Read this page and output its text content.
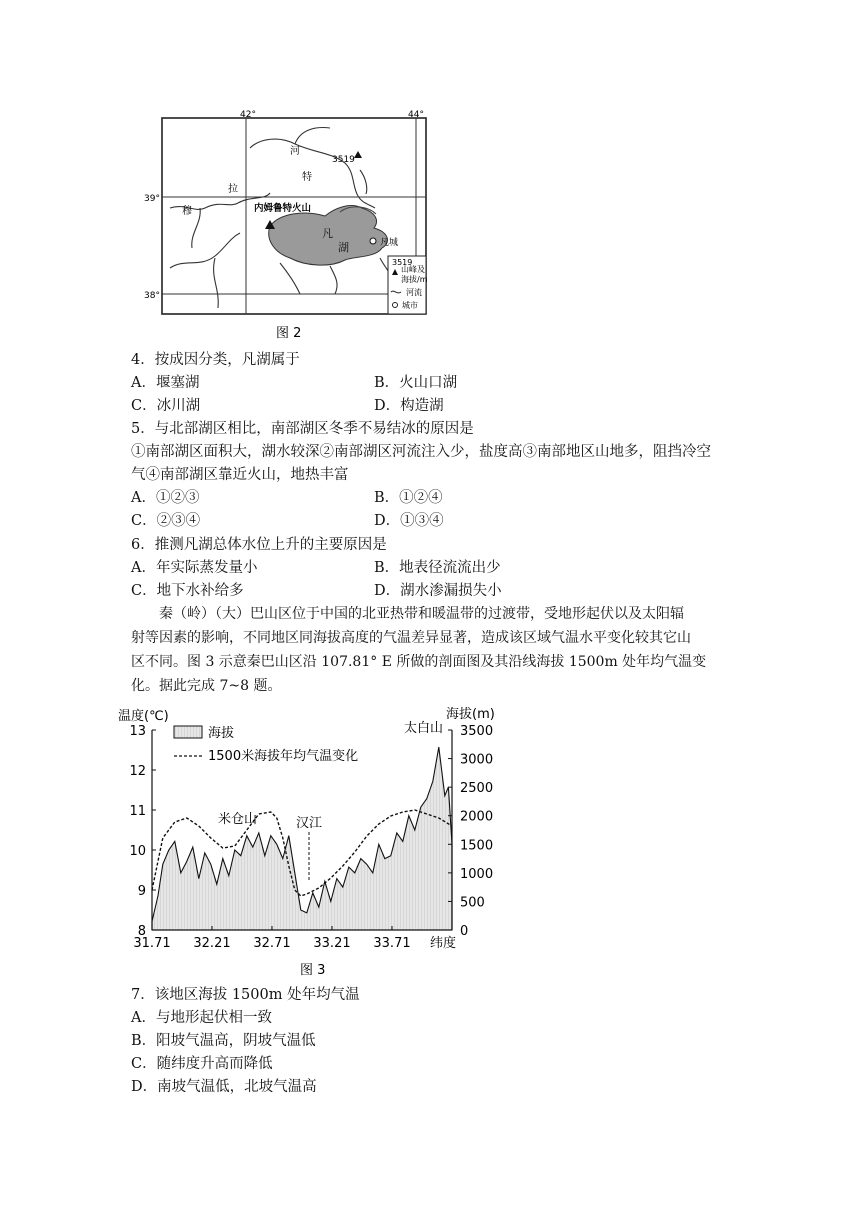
42°	44°
39°
38°
河
特
拉
穆
3519
内姆鲁特火山
凡
湖	凡城
3519
山峰及
海拔/m
河流
城市
图 2
4．按成因分类，凡湖属于
A．堰塞湖	B．火山口湖
C．冰川湖	D．构造湖
5．与北部湖区相比，南部湖区冬季不易结冰的原因是
①南部湖区面积大，湖水较深②南部湖区河流注入少，盐度高③南部地区山地多，阻挡冷空
气④南部湖区靠近火山，地热丰富
A．①②③	B．①②④
C．②③④	D．①③④
6．推测凡湖总体水位上升的主要原因是
A．年实际蒸发量小	B．地表径流流出少
C．地下水补给多	D．湖水渗漏损失小
秦（岭）（大）巴山区位于中国的北亚热带和暖温带的过渡带，受地形起伏以及太阳辐
射等因素的影响，不同地区同海拔高度的气温差异显著，造成该区域气温水平变化较其它山
区不同。图 3 示意秦巴山区沿 107.81° E 所做的剖面图及其沿线海拔 1500m 处年均气温变
化。据此完成 7~8 题。
8
9
10
11
12
13
0
500
1000
1500
2000
2500
3000
3500
31.71 32.21 32.71 33.21 33.71
温度(℃)	海拔(m)
纬度
海拔
1500米海拔年均气温变化
米仓山	汉江
太白山
图 3
7．该地区海拔 1500m 处年均气温
A．与地形起伏相一致
B．阳坡气温高，阴坡气温低
C．随纬度升高而降低
D．南坡气温低，北坡气温高
